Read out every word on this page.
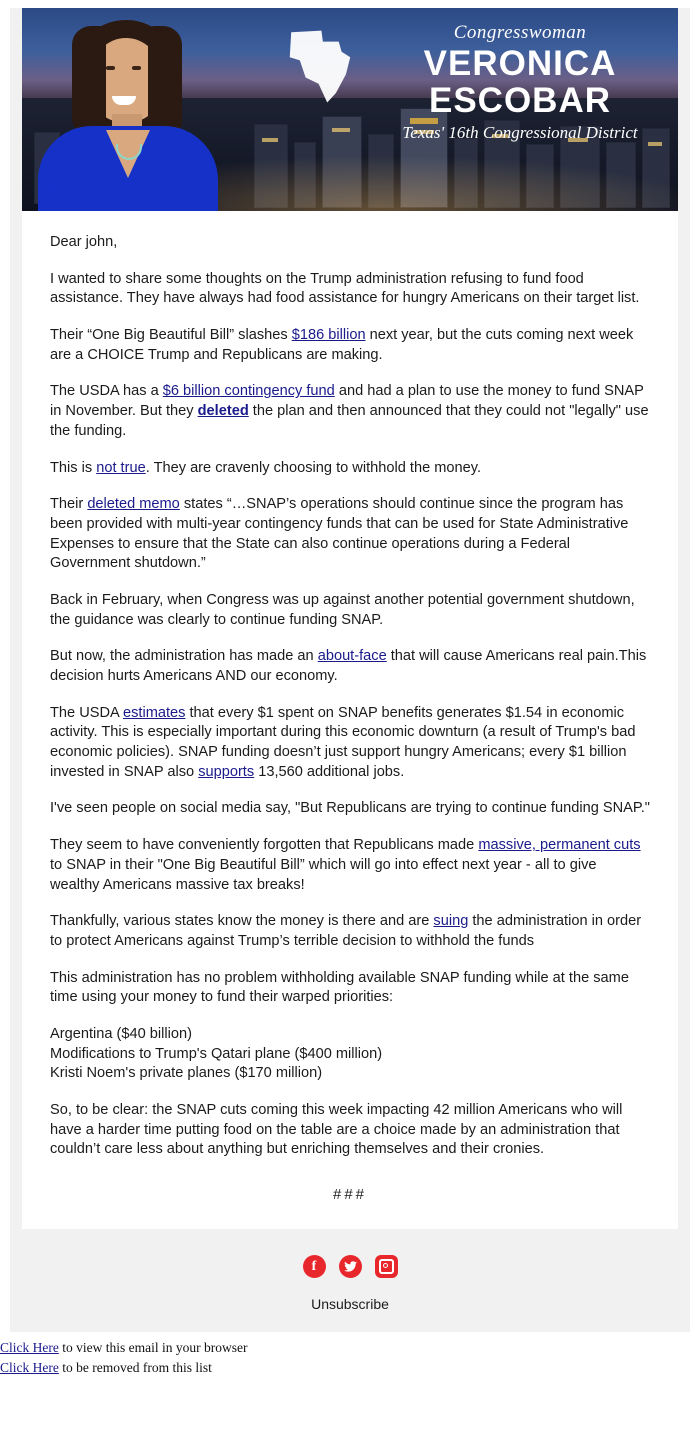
Congresswoman
VERONICA ESCOBAR
Texas' 16th Congressional District

Dear john,

I wanted to share some thoughts on the Trump administration refusing to fund food assistance. They have always had food assistance for hungry Americans on their target list.

Their “One Big Beautiful Bill” slashes $186 billion next year, but the cuts coming next week are a CHOICE Trump and Republicans are making.

The USDA has a $6 billion contingency fund and had a plan to use the money to fund SNAP in November. But they deleted the plan and then announced that they could not "legally" use the funding.

This is not true. They are cravenly choosing to withhold the money.

Their deleted memo states “…SNAP’s operations should continue since the program has been provided with multi-year contingency funds that can be used for State Administrative Expenses to ensure that the State can also continue operations during a Federal Government shutdown.”

Back in February, when Congress was up against another potential government shutdown, the guidance was clearly to continue funding SNAP.

But now, the administration has made an about-face that will cause Americans real pain.This decision hurts Americans AND our economy.

The USDA estimates that every $1 spent on SNAP benefits generates $1.54 in economic activity. This is especially important during this economic downturn (a result of Trump's bad economic policies). SNAP funding doesn’t just support hungry Americans; every $1 billion invested in SNAP also supports 13,560 additional jobs.

I've seen people on social media say, "But Republicans are trying to continue funding SNAP."

They seem to have conveniently forgotten that Republicans made massive, permanent cuts to SNAP in their "One Big Beautiful Bill” which will go into effect next year - all to give wealthy Americans massive tax breaks!

Thankfully, various states know the money is there and are suing the administration in order to protect Americans against Trump’s terrible decision to withhold the funds

This administration has no problem withholding available SNAP funding while at the same time using your money to fund their warped priorities:

Argentina ($40 billion)

Modifications to Trump's Qatari plane ($400 million)

Kristi Noem's private planes ($170 million)

So, to be clear: the SNAP cuts coming this week impacting 42 million Americans who will have a harder time putting food on the table are a choice made by an administration that couldn’t care less about anything but enriching themselves and their cronies.

###
f
Unsubscribe
Click Here to view this email in your browser
Click Here to be removed from this list
